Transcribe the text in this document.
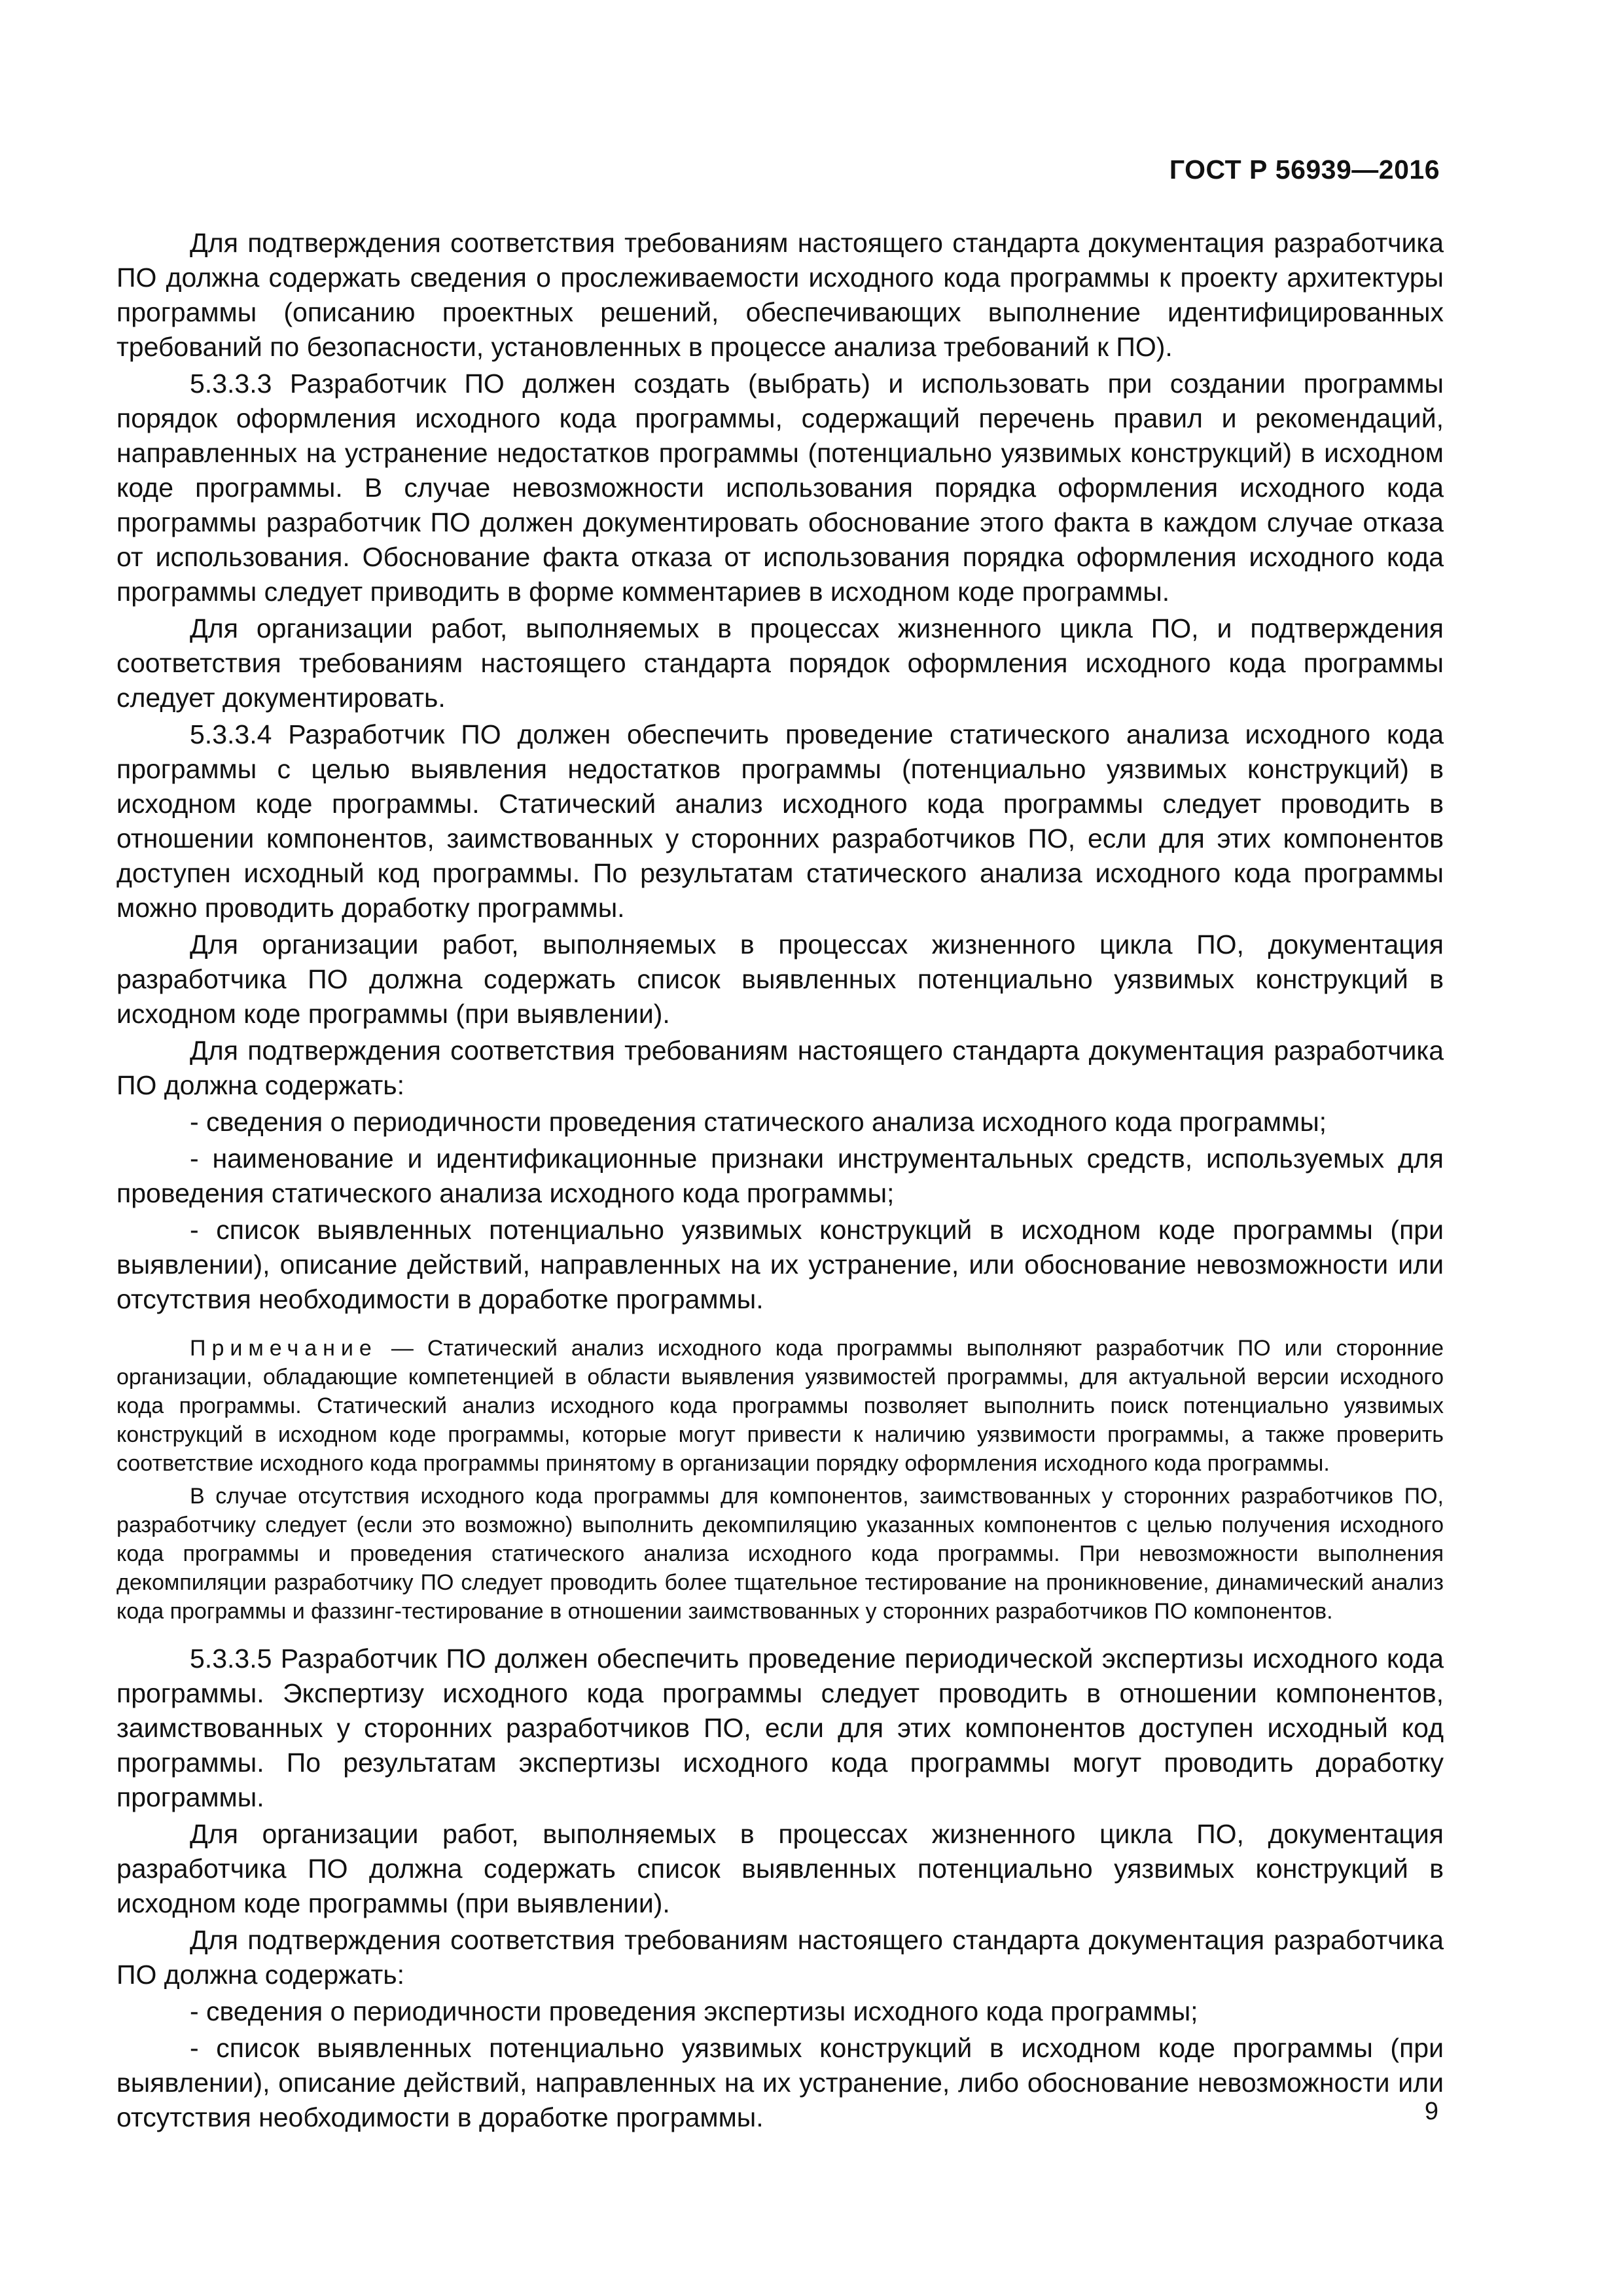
ГОСТ Р 56939—2016

Для подтверждения соответствия требованиям настоящего стандарта документация разработчика ПО должна содержать сведения о прослеживаемости исходного кода программы к проекту архитектуры программы (описанию проектных решений, обеспечивающих выполнение идентифицированных требований по безопасности, установленных в процессе анализа требований к ПО).

5.3.3.3 Разработчик ПО должен создать (выбрать) и использовать при создании программы порядок оформления исходного кода программы, содержащий перечень правил и рекомендаций, направленных на устранение недостатков программы (потенциально уязвимых конструкций) в исходном коде программы. В случае невозможности использования порядка оформления исходного кода программы разработчик ПО должен документировать обоснование этого факта в каждом случае отказа от использования. Обоснование факта отказа от использования порядка оформления исходного кода программы следует приводить в форме комментариев в исходном коде программы.

Для организации работ, выполняемых в процессах жизненного цикла ПО, и подтверждения соответствия требованиям настоящего стандарта порядок оформления исходного кода программы следует документировать.

5.3.3.4 Разработчик ПО должен обеспечить проведение статического анализа исходного кода программы с целью выявления недостатков программы (потенциально уязвимых конструкций) в исходном коде программы. Статический анализ исходного кода программы следует проводить в отношении компонентов, заимствованных у сторонних разработчиков ПО, если для этих компонентов доступен исходный код программы. По результатам статического анализа исходного кода программы можно проводить доработку программы.

Для организации работ, выполняемых в процессах жизненного цикла ПО, документация разработчика ПО должна содержать список выявленных потенциально уязвимых конструкций в исходном коде программы (при выявлении).

Для подтверждения соответствия требованиям настоящего стандарта документация разработчика ПО должна содержать:

- сведения о периодичности проведения статического анализа исходного кода программы;

- наименование и идентификационные признаки инструментальных средств, используемых для проведения статического анализа исходного кода программы;

- список выявленных потенциально уязвимых конструкций в исходном коде программы (при выявлении), описание действий, направленных на их устранение, или обоснование невозможности или отсутствия необходимости в доработке программы.

Примечание — Статический анализ исходного кода программы выполняют разработчик ПО или сторонние организации, обладающие компетенцией в области выявления уязвимостей программы, для актуальной версии исходного кода программы. Статический анализ исходного кода программы позволяет выполнить поиск потенциально уязвимых конструкций в исходном коде программы, которые могут привести к наличию уязвимости программы, а также проверить соответствие исходного кода программы принятому в организации порядку оформления исходного кода программы.

В случае отсутствия исходного кода программы для компонентов, заимствованных у сторонних разработчиков ПО, разработчику следует (если это возможно) выполнить декомпиляцию указанных компонентов с целью получения исходного кода программы и проведения статического анализа исходного кода программы. При невозможности выполнения декомпиляции разработчику ПО следует проводить более тщательное тестирование на проникновение, динамический анализ кода программы и фаззинг-тестирование в отношении заимствованных у сторонних разработчиков ПО компонентов.

5.3.3.5 Разработчик ПО должен обеспечить проведение периодической экспертизы исходного кода программы. Экспертизу исходного кода программы следует проводить в отношении компонентов, заимствованных у сторонних разработчиков ПО, если для этих компонентов доступен исходный код программы. По результатам экспертизы исходного кода программы могут проводить доработку программы.

Для организации работ, выполняемых в процессах жизненного цикла ПО, документация разработчика ПО должна содержать список выявленных потенциально уязвимых конструкций в исходном коде программы (при выявлении).

Для подтверждения соответствия требованиям настоящего стандарта документация разработчика ПО должна содержать:

- сведения о периодичности проведения экспертизы исходного кода программы;

- список выявленных потенциально уязвимых конструкций в исходном коде программы (при выявлении), описание действий, направленных на их устранение, либо обоснование невозможности или отсутствия необходимости в доработке программы.	9
